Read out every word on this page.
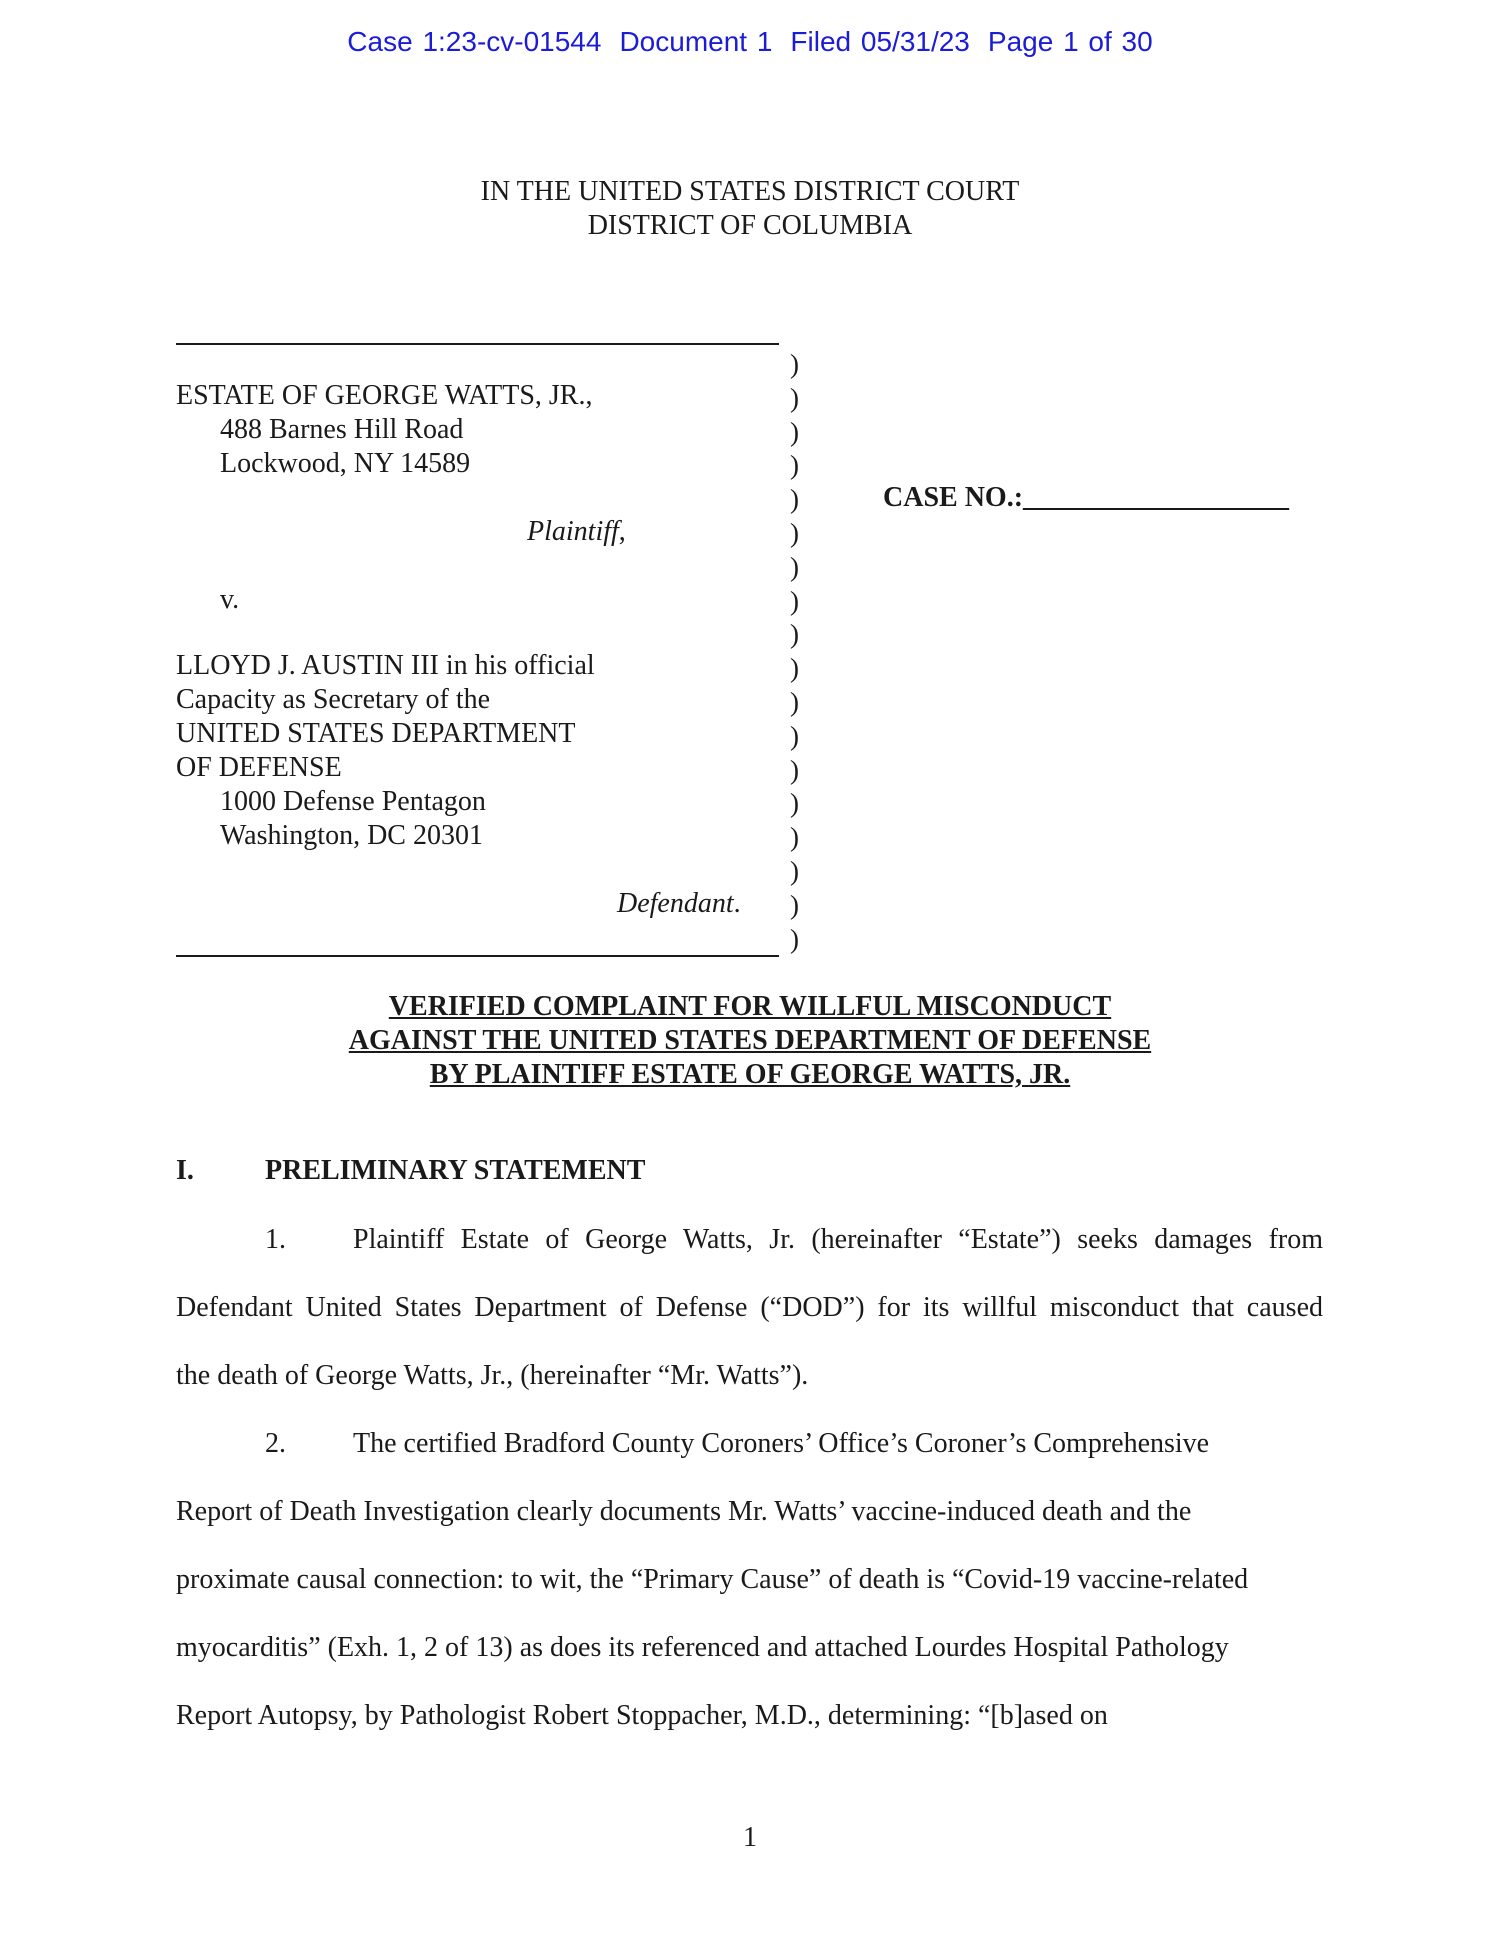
Case 1:23-cv-01544 Document 1 Filed 05/31/23 Page 1 of 30
IN THE UNITED STATES DISTRICT COURT
DISTRICT OF COLUMBIA
)
)
)
)
)
)
)
)
)
)
)
)
)
)
)
)
)
)
ESTATE OF GEORGE WATTS, JR.,
488 Barnes Hill Road
Lockwood, NY 14589
Plaintiff,
v.
LLOYD J. AUSTIN III in his official
Capacity as Secretary of the
UNITED STATES DEPARTMENT
OF DEFENSE
1000 Defense Pentagon
Washington, DC 20301
Defendant.
CASE NO.:___________________
VERIFIED COMPLAINT FOR WILLFUL MISCONDUCT
AGAINST THE UNITED STATES DEPARTMENT OF DEFENSE
BY PLAINTIFF ESTATE OF GEORGE WATTS, JR.
I.	PRELIMINARY STATEMENT
1. Plaintiff Estate of George Watts, Jr. (hereinafter “Estate”) seeks damages from
Defendant United States Department of Defense (“DOD”) for its willful misconduct that caused
the death of George Watts, Jr., (hereinafter “Mr. Watts”).
2. The certified Bradford County Coroners’ Office’s Coroner’s Comprehensive
Report of Death Investigation clearly documents Mr. Watts’ vaccine-induced death and the
proximate causal connection: to wit, the “Primary Cause” of death is “Covid-19 vaccine-related
myocarditis” (Exh. 1, 2 of 13) as does its referenced and attached Lourdes Hospital Pathology
Report Autopsy, by Pathologist Robert Stoppacher, M.D., determining: “[b]ased on
1
